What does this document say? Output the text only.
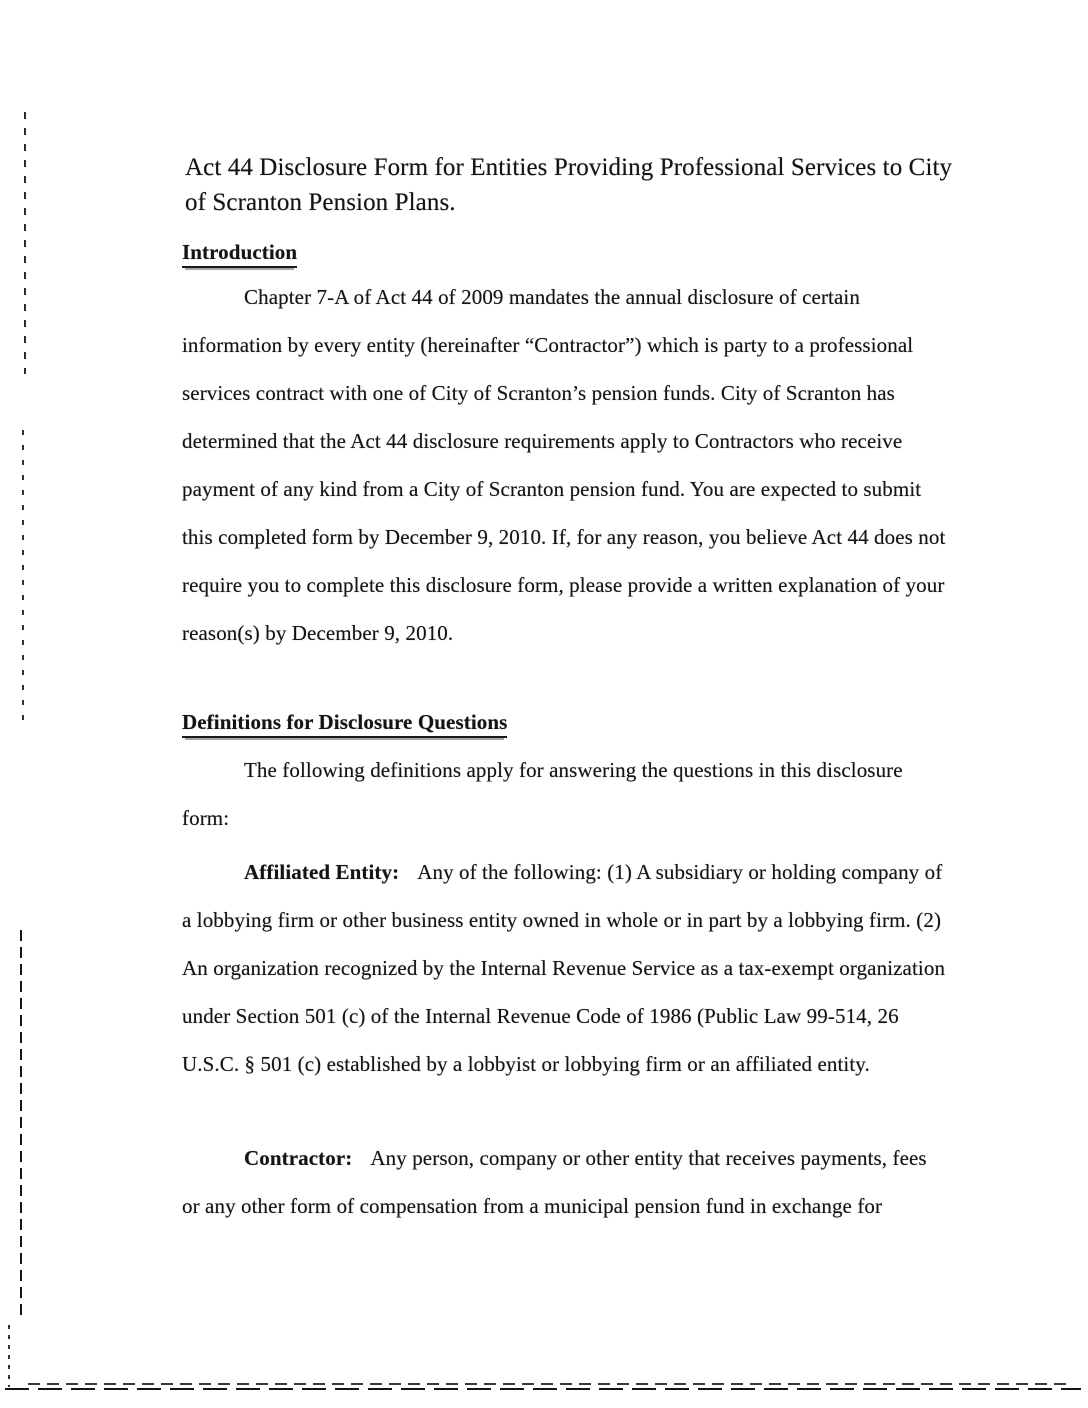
Act 44 Disclosure Form for Entities Providing Professional Services to City
of Scranton Pension Plans.
Introduction
Chapter 7-A of Act 44 of 2009 mandates the annual disclosure of certain
information by every entity (hereinafter “Contractor”) which is party to a professional
services contract with one of City of Scranton’s pension funds. City of Scranton has
determined that the Act 44 disclosure requirements apply to Contractors who receive
payment of any kind from a City of Scranton pension fund. You are expected to submit
this completed form by December 9, 2010. If, for any reason, you believe Act 44 does not
require you to complete this disclosure form, please provide a written explanation of your
reason(s) by December 9, 2010.
Definitions for Disclosure Questions
The following definitions apply for answering the questions in this disclosure
form:
Affiliated Entity: Any of the following: (1) A subsidiary or holding company of
a lobbying firm or other business entity owned in whole or in part by a lobbying firm. (2)
An organization recognized by the Internal Revenue Service as a tax-exempt organization
under Section 501 (c) of the Internal Revenue Code of 1986 (Public Law 99-514, 26
U.S.C. § 501 (c) established by a lobbyist or lobbying firm or an affiliated entity.
Contractor: Any person, company or other entity that receives payments, fees
or any other form of compensation from a municipal pension fund in exchange for
